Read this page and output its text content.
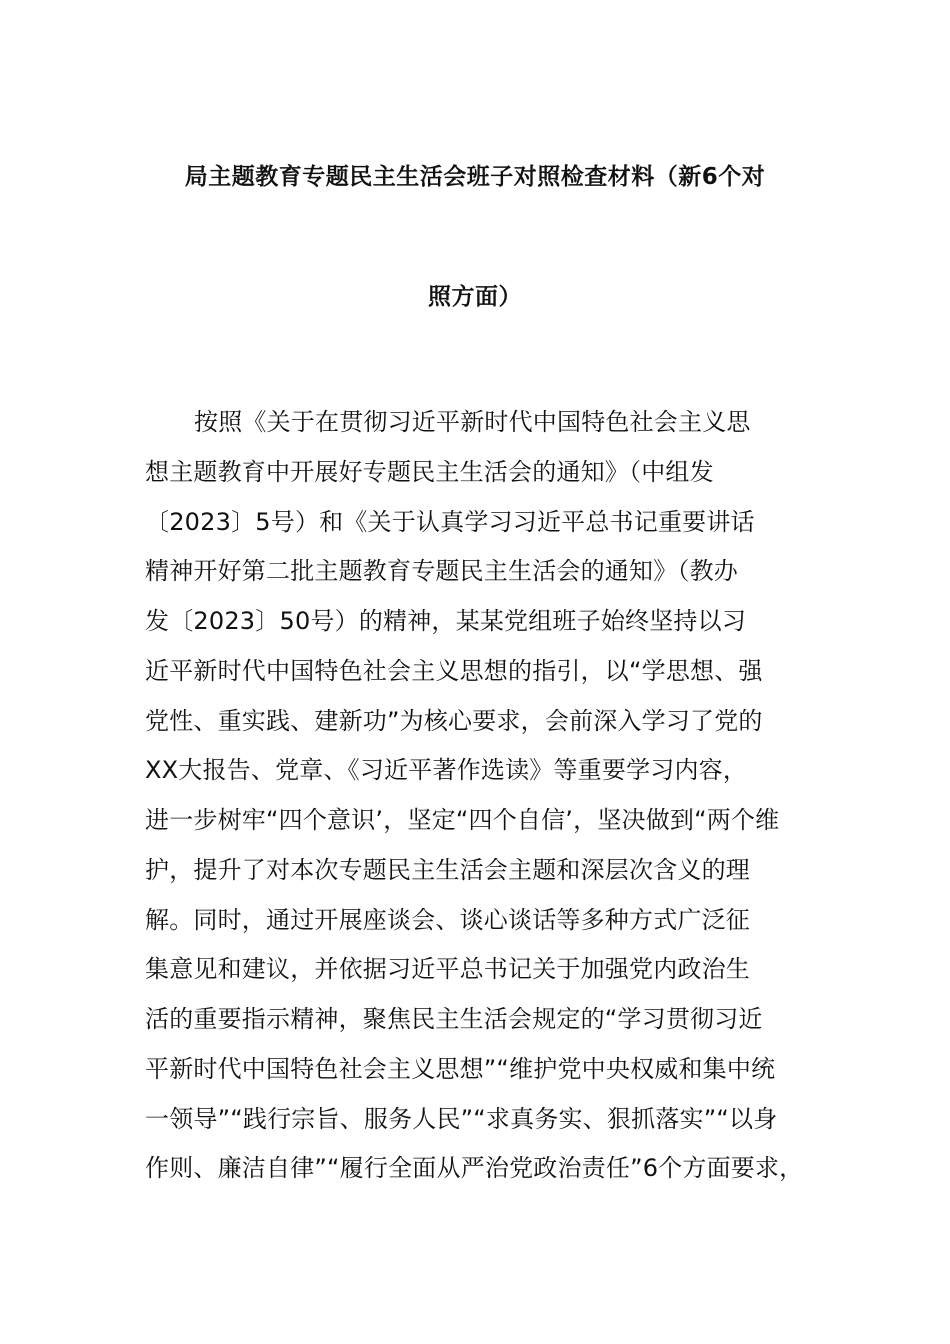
局主题教育专题民主生活会班子对照检查材料（新6个对
照方面）
按照《关于在贯彻习近平新时代中国特色社会主义思
想主题教育中开展好专题民主生活会的通知》（中组发
〔2023〕5号）和《关于认真学习习近平总书记重要讲话
精神开好第二批主题教育专题民主生活会的通知》（教办
发〔2023〕50号）的精神，某某党组班子始终坚持以习
近平新时代中国特色社会主义思想的指引，以“学思想、强
党性、重实践、建新功”为核心要求，会前深入学习了党的
XX大报告、党章、《习近平著作选读》等重要学习内容，
进一步树牢“四个意识’，坚定“四个自信’，坚决做到“两个维
护，提升了对本次专题民主生活会主题和深层次含义的理
解。同时，通过开展座谈会、谈心谈话等多种方式广泛征
集意见和建议，并依据习近平总书记关于加强党内政治生
活的重要指示精神，聚焦民主生活会规定的“学习贯彻习近
平新时代中国特色社会主义思想”“维护党中央权威和集中统
一领导”“践行宗旨、服务人民”“求真务实、狠抓落实”“以身
作则、廉洁自律”“履行全面从严治党政治责任”6个方面要求，
